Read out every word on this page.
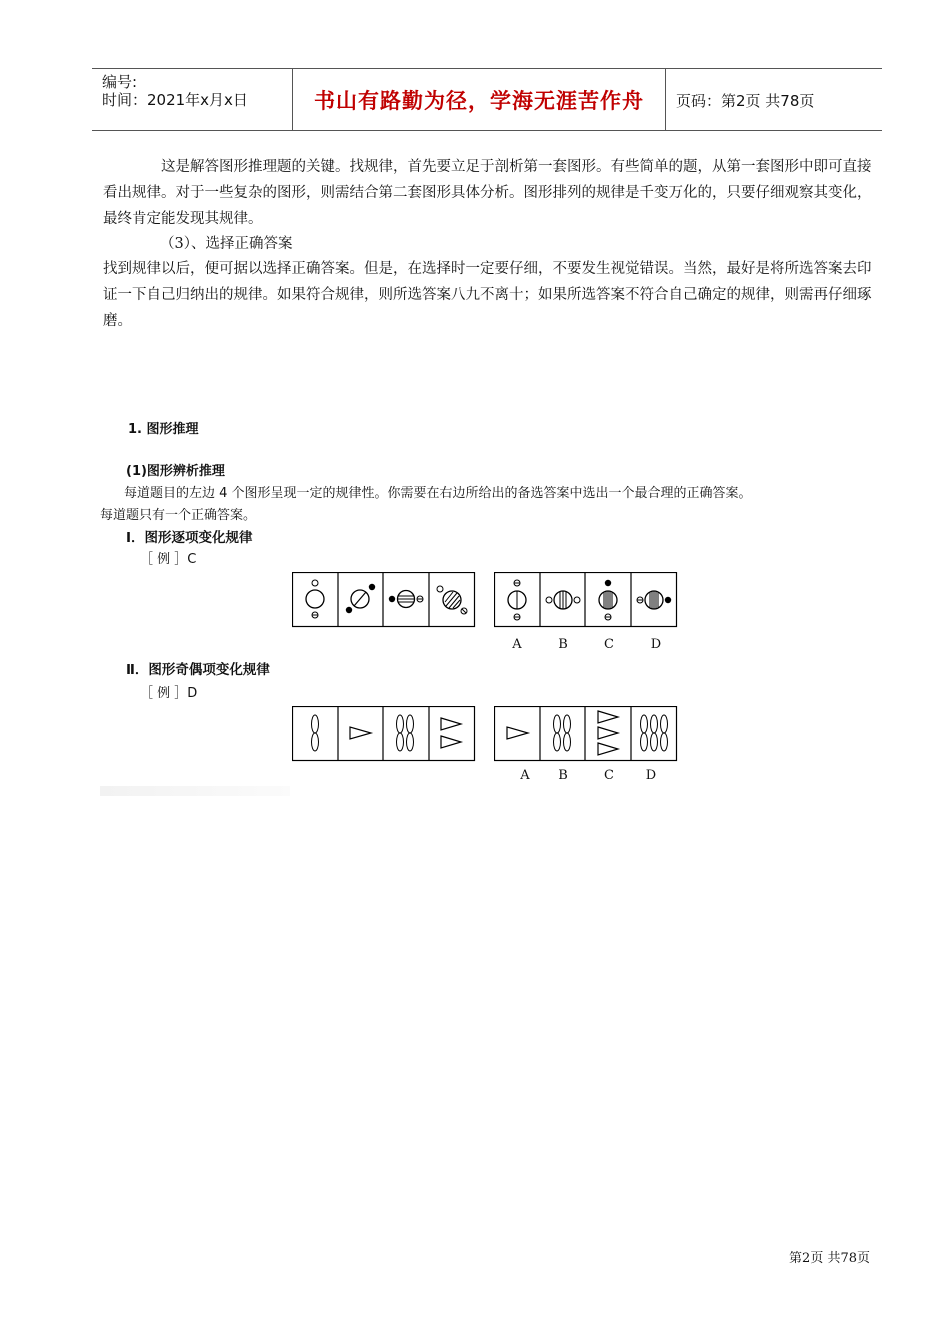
编号:
时间：2021年x月x日	书山有路勤为径，学海无涯苦作舟	页码：第2页 共78页
这是解答图形推理题的关键。找规律，首先要立足于剖析第一套图形。有些简单的题，从第一套图形中即可直接看出规律。对于一些复杂的图形，则需结合第二套图形具体分析。图形排列的规律是千变万化的，只要仔细观察其变化，最终肯定能发现其规律。
（3）、选择正确答案
找到规律以后，便可据以选择正确答案。但是，在选择时一定要仔细，不要发生视觉错误。当然，最好是将所选答案去印证一下自己归纳出的规律。如果符合规律，则所选答案八九不离十；如果所选答案不符合自己确定的规律，则需再仔细琢磨。
1. 图形推理
(1)图形辨析推理
每道题目的左边 4 个图形呈现一定的规律性。你需要在右边所给出的备选答案中选出一个最合理的正确答案。
每道题只有一个正确答案。
Ⅰ．图形逐项变化规律
［ 例 ］C
A	B	C	D
Ⅱ．图形奇偶项变化规律
［ 例 ］D
A	B	C	D
第2页 共78页
